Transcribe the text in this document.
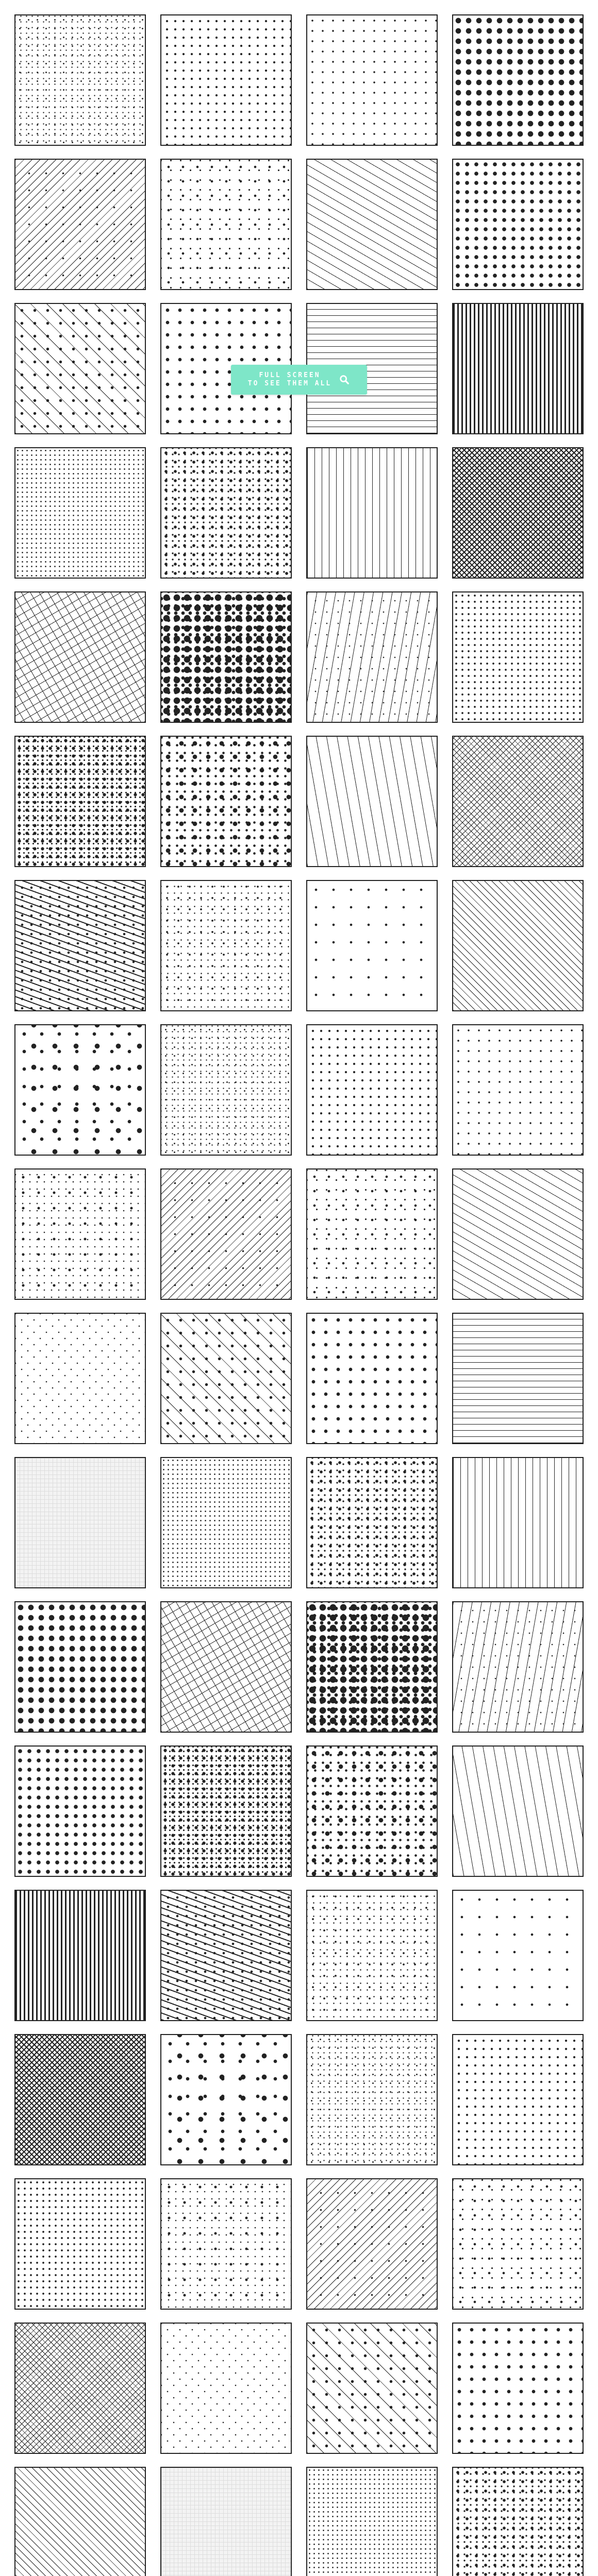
FULL SCREEN
TO SEE THEM ALL
